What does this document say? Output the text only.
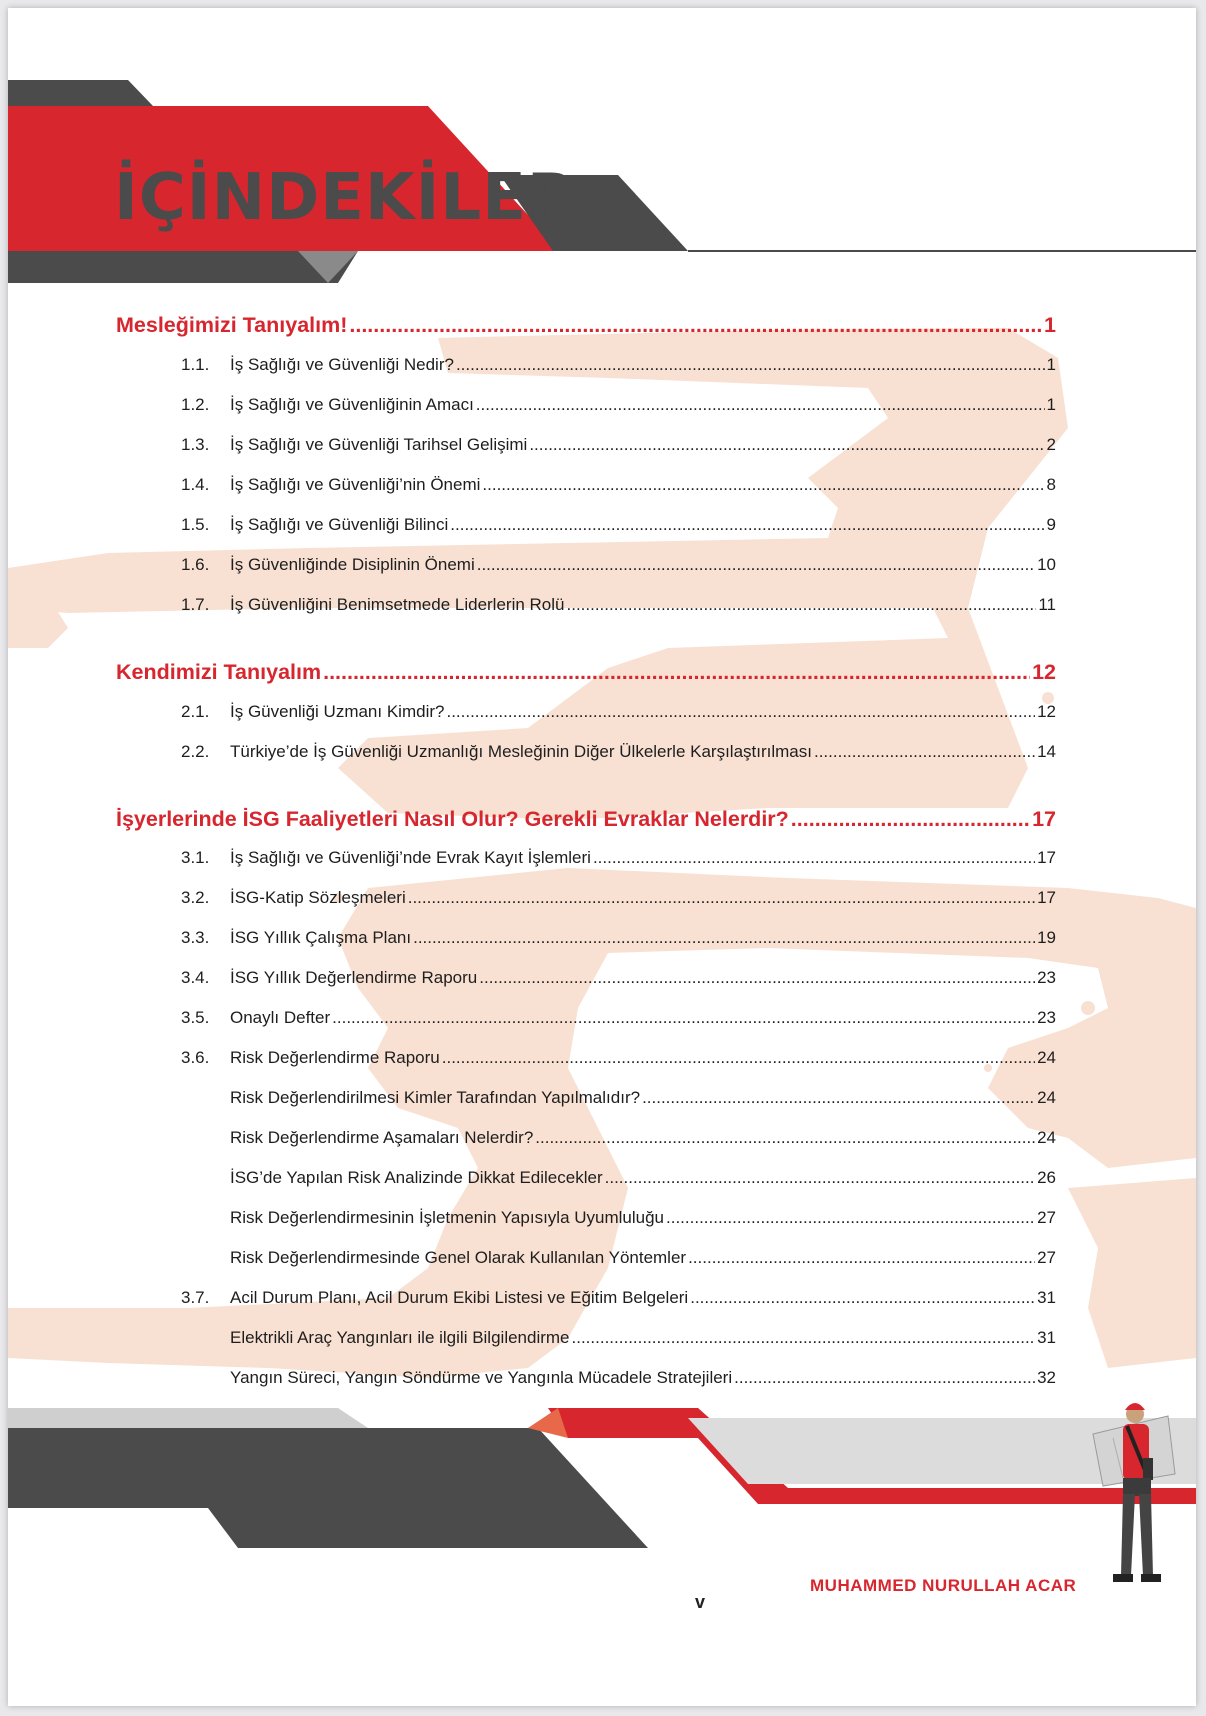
İÇİNDEKİLER
Mesleğimizi Tanıyalım! .....	1
1.1.	İş Sağlığı ve Güvenliği Nedir? .....	1
1.2.	İş Sağlığı ve Güvenliğinin Amacı .....	1
1.3.	İş Sağlığı ve Güvenliği Tarihsel Gelişimi .....	2
1.4.	İş Sağlığı ve Güvenliği’nin Önemi .....	8
1.5.	İş Sağlığı ve Güvenliği Bilinci .....	9
1.6.	İş Güvenliğinde Disiplinin Önemi .....	10
1.7.	İş Güvenliğini Benimsetmede Liderlerin Rolü .....	11
Kendimizi Tanıyalım .....	12
2.1.	İş Güvenliği Uzmanı Kimdir? .....	12
2.2.	Türkiye’de İş Güvenliği Uzmanlığı Mesleğinin Diğer Ülkelerle Karşılaştırılması .....	14
İşyerlerinde İSG Faaliyetleri Nasıl Olur? Gerekli Evraklar Nelerdir? .....	17
3.1.	İş Sağlığı ve Güvenliği’nde Evrak Kayıt İşlemleri .....	17
3.2.	İSG-Katip Sözleşmeleri .....	17
3.3.	İSG Yıllık Çalışma Planı .....	19
3.4.	İSG Yıllık Değerlendirme Raporu .....	23
3.5.	Onaylı Defter .....	23
3.6.	Risk Değerlendirme Raporu .....	24
Risk Değerlendirilmesi Kimler Tarafından Yapılmalıdır? .....	24
Risk Değerlendirme Aşamaları Nelerdir? .....	24
İSG’de Yapılan Risk Analizinde Dikkat Edilecekler .....	26
Risk Değerlendirmesinin İşletmenin Yapısıyla Uyumluluğu .....	27
Risk Değerlendirmesinde Genel Olarak Kullanılan Yöntemler .....	27
3.7.	Acil Durum Planı, Acil Durum Ekibi Listesi ve Eğitim Belgeleri .....	31
Elektrikli Araç Yangınları ile ilgili Bilgilendirme .....	31
Yangın Süreci, Yangın Söndürme ve Yangınla Mücadele Stratejileri .....	32

www.pelikankitabevi.com.tr	v

MUHAMMED NURULLAH ACAR
